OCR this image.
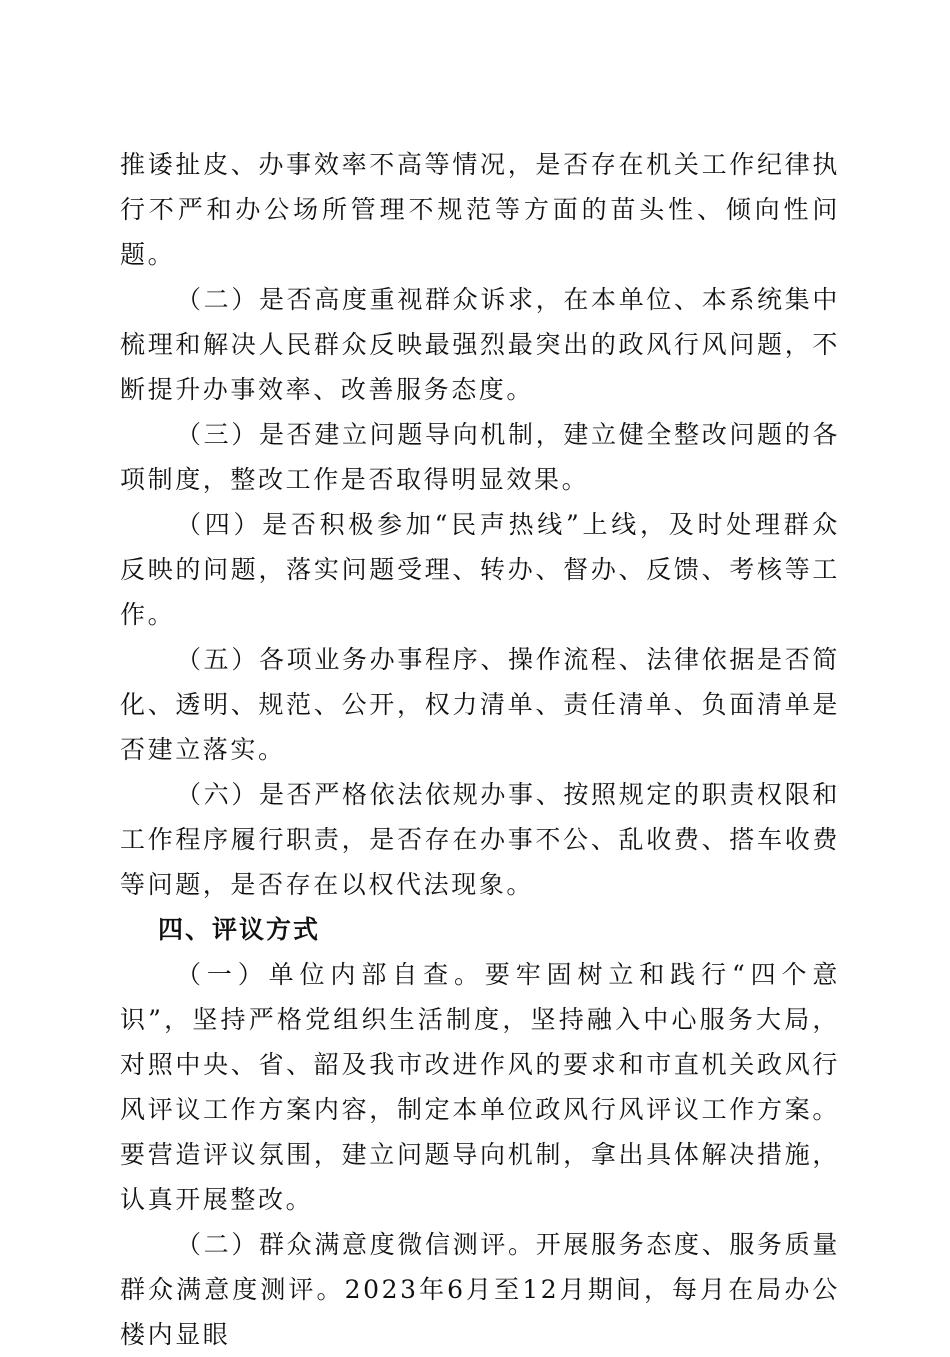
推诿扯皮、办事效率不高等情况，是否存在机关工作纪律执行不严和办公场所管理不规范等方面的苗头性、倾向性问题。

（二）是否高度重视群众诉求，在本单位、本系统集中梳理和解决人民群众反映最强烈最突出的政风行风问题，不断提升办事效率、改善服务态度。

（三）是否建立问题导向机制，建立健全整改问题的各项制度，整改工作是否取得明显效果。

（四）是否积极参加“民声热线”上线，及时处理群众反映的问题，落实问题受理、转办、督办、反馈、考核等工作。

（五）各项业务办事程序、操作流程、法律依据是否简化、透明、规范、公开，权力清单、责任清单、负面清单是否建立落实。

（六）是否严格依法依规办事、按照规定的职责权限和工作程序履行职责，是否存在办事不公、乱收费、搭车收费等问题，是否存在以权代法现象。

四、评议方式

（一）单位内部自查。要牢固树立和践行“四个意识”，坚持严格党组织生活制度，坚持融入中心服务大局，对照中央、省、韶及我市改进作风的要求和市直机关政风行风评议工作方案内容，制定本单位政风行风评议工作方案。要营造评议氛围，建立问题导向机制，拿出具体解决措施，认真开展整改。

（二）群众满意度微信测评。开展服务态度、服务质量群众满意度测评。2023年6月至12月期间，每月在局办公楼内显眼
